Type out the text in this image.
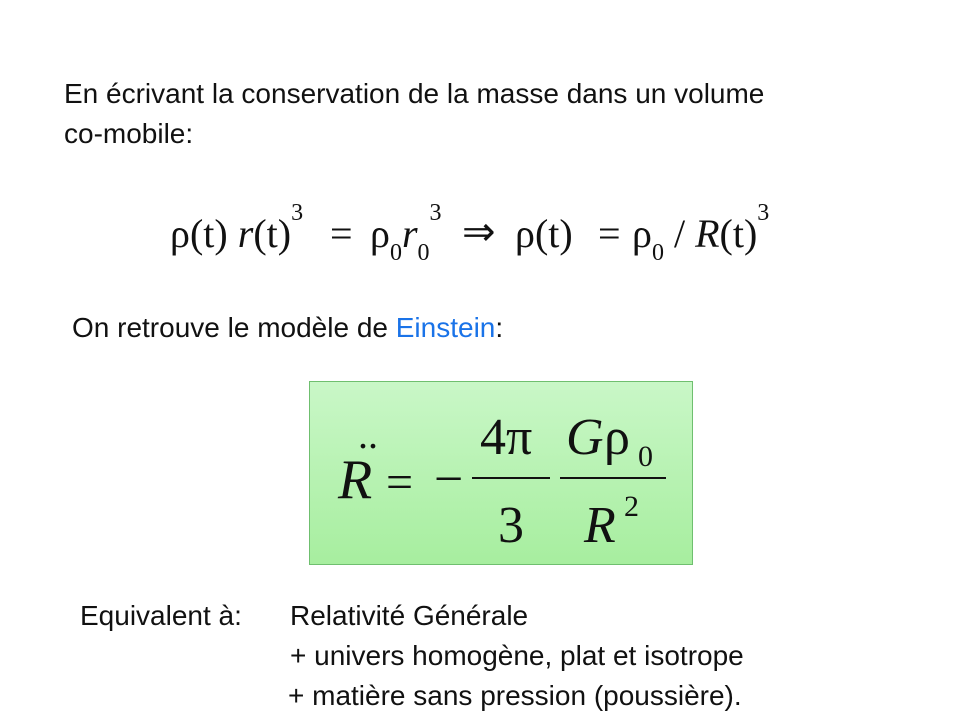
En écrivant la conservation de la masse dans un volume
co-mobile:
ρ(t) $r(t)^3 = \rho_0r_0^3$ ⇒ $\rho(t) = \rho_0 / R(t)^3$
On retrouve le modèle de Einstein:
..
R = −
4π
3
G ρ 0
R 2
Equivalent à: Relativité Générale
+ univers homogène, plat et isotrope
+ matière sans pression (poussière).
